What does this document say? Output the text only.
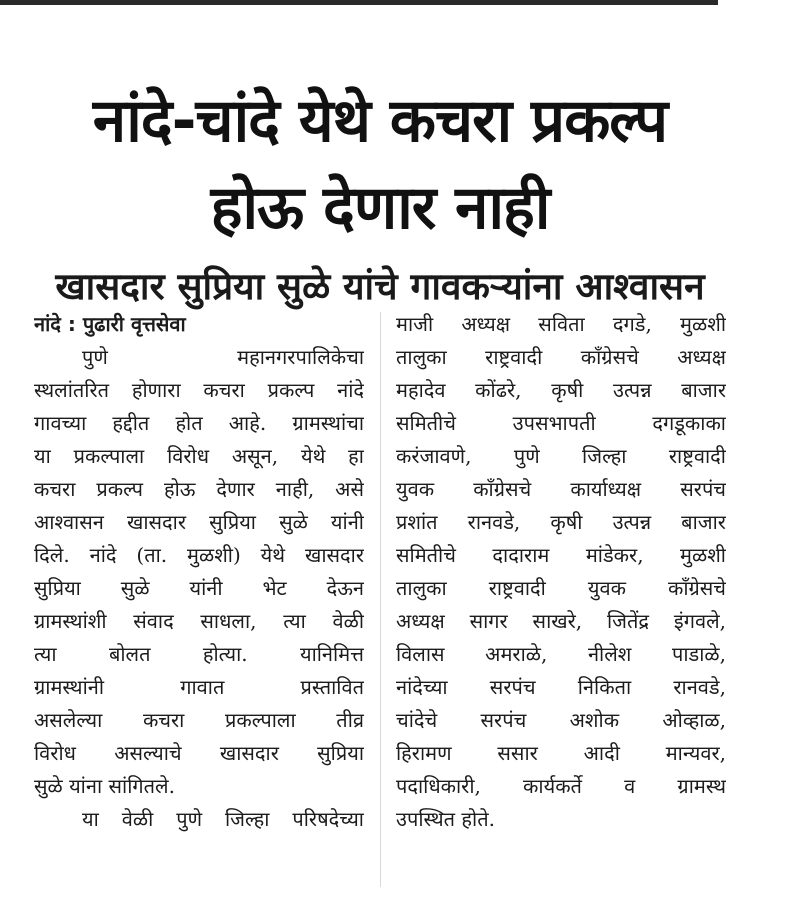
नांदे-चांदे येथे कचरा प्रकल्प
होऊ देणार नाही
खासदार सुप्रिया सुळे यांचे गावकऱ्यांना आश्वासन
नांदे : पुढारी वृत्तसेवा
पुणे महानगरपालिकेचा
स्थलांतरित होणारा कचरा प्रकल्प नांदे
गावच्या हद्दीत होत आहे. ग्रामस्थांचा
या प्रकल्पाला विरोध असून, येथे हा
कचरा प्रकल्प होऊ देणार नाही, असे
आश्वासन खासदार सुप्रिया सुळे यांनी
दिले. नांदे (ता. मुळशी) येथे खासदार
सुप्रिया सुळे यांनी भेट देऊन
ग्रामस्थांशी संवाद साधला, त्या वेळी
त्या बोलत होत्या. यानिमित्त
ग्रामस्थांनी गावात प्रस्तावित
असलेल्या कचरा प्रकल्पाला तीव्र
विरोध असल्याचे खासदार सुप्रिया
सुळे यांना सांगितले.
या वेळी पुणे जिल्हा परिषदेच्या
माजी अध्यक्ष सविता दगडे, मुळशी
तालुका राष्ट्रवादी काँग्रेसचे अध्यक्ष
महादेव कोंढरे, कृषी उत्पन्न बाजार
समितीचे उपसभापती दगडूकाका
करंजावणे, पुणे जिल्हा राष्ट्रवादी
युवक काँग्रेसचे कार्याध्यक्ष सरपंच
प्रशांत रानवडे, कृषी उत्पन्न बाजार
समितीचे दादाराम मांडेकर, मुळशी
तालुका राष्ट्रवादी युवक काँग्रेसचे
अध्यक्ष सागर साखरे, जितेंद्र इंगवले,
विलास अमराळे, नीलेश पाडाळे,
नांदेच्या सरपंच निकिता रानवडे,
चांदेचे सरपंच अशोक ओव्हाळ,
हिरामण ससार आदी मान्यवर,
पदाधिकारी, कार्यकर्ते व ग्रामस्थ
उपस्थित होते.
